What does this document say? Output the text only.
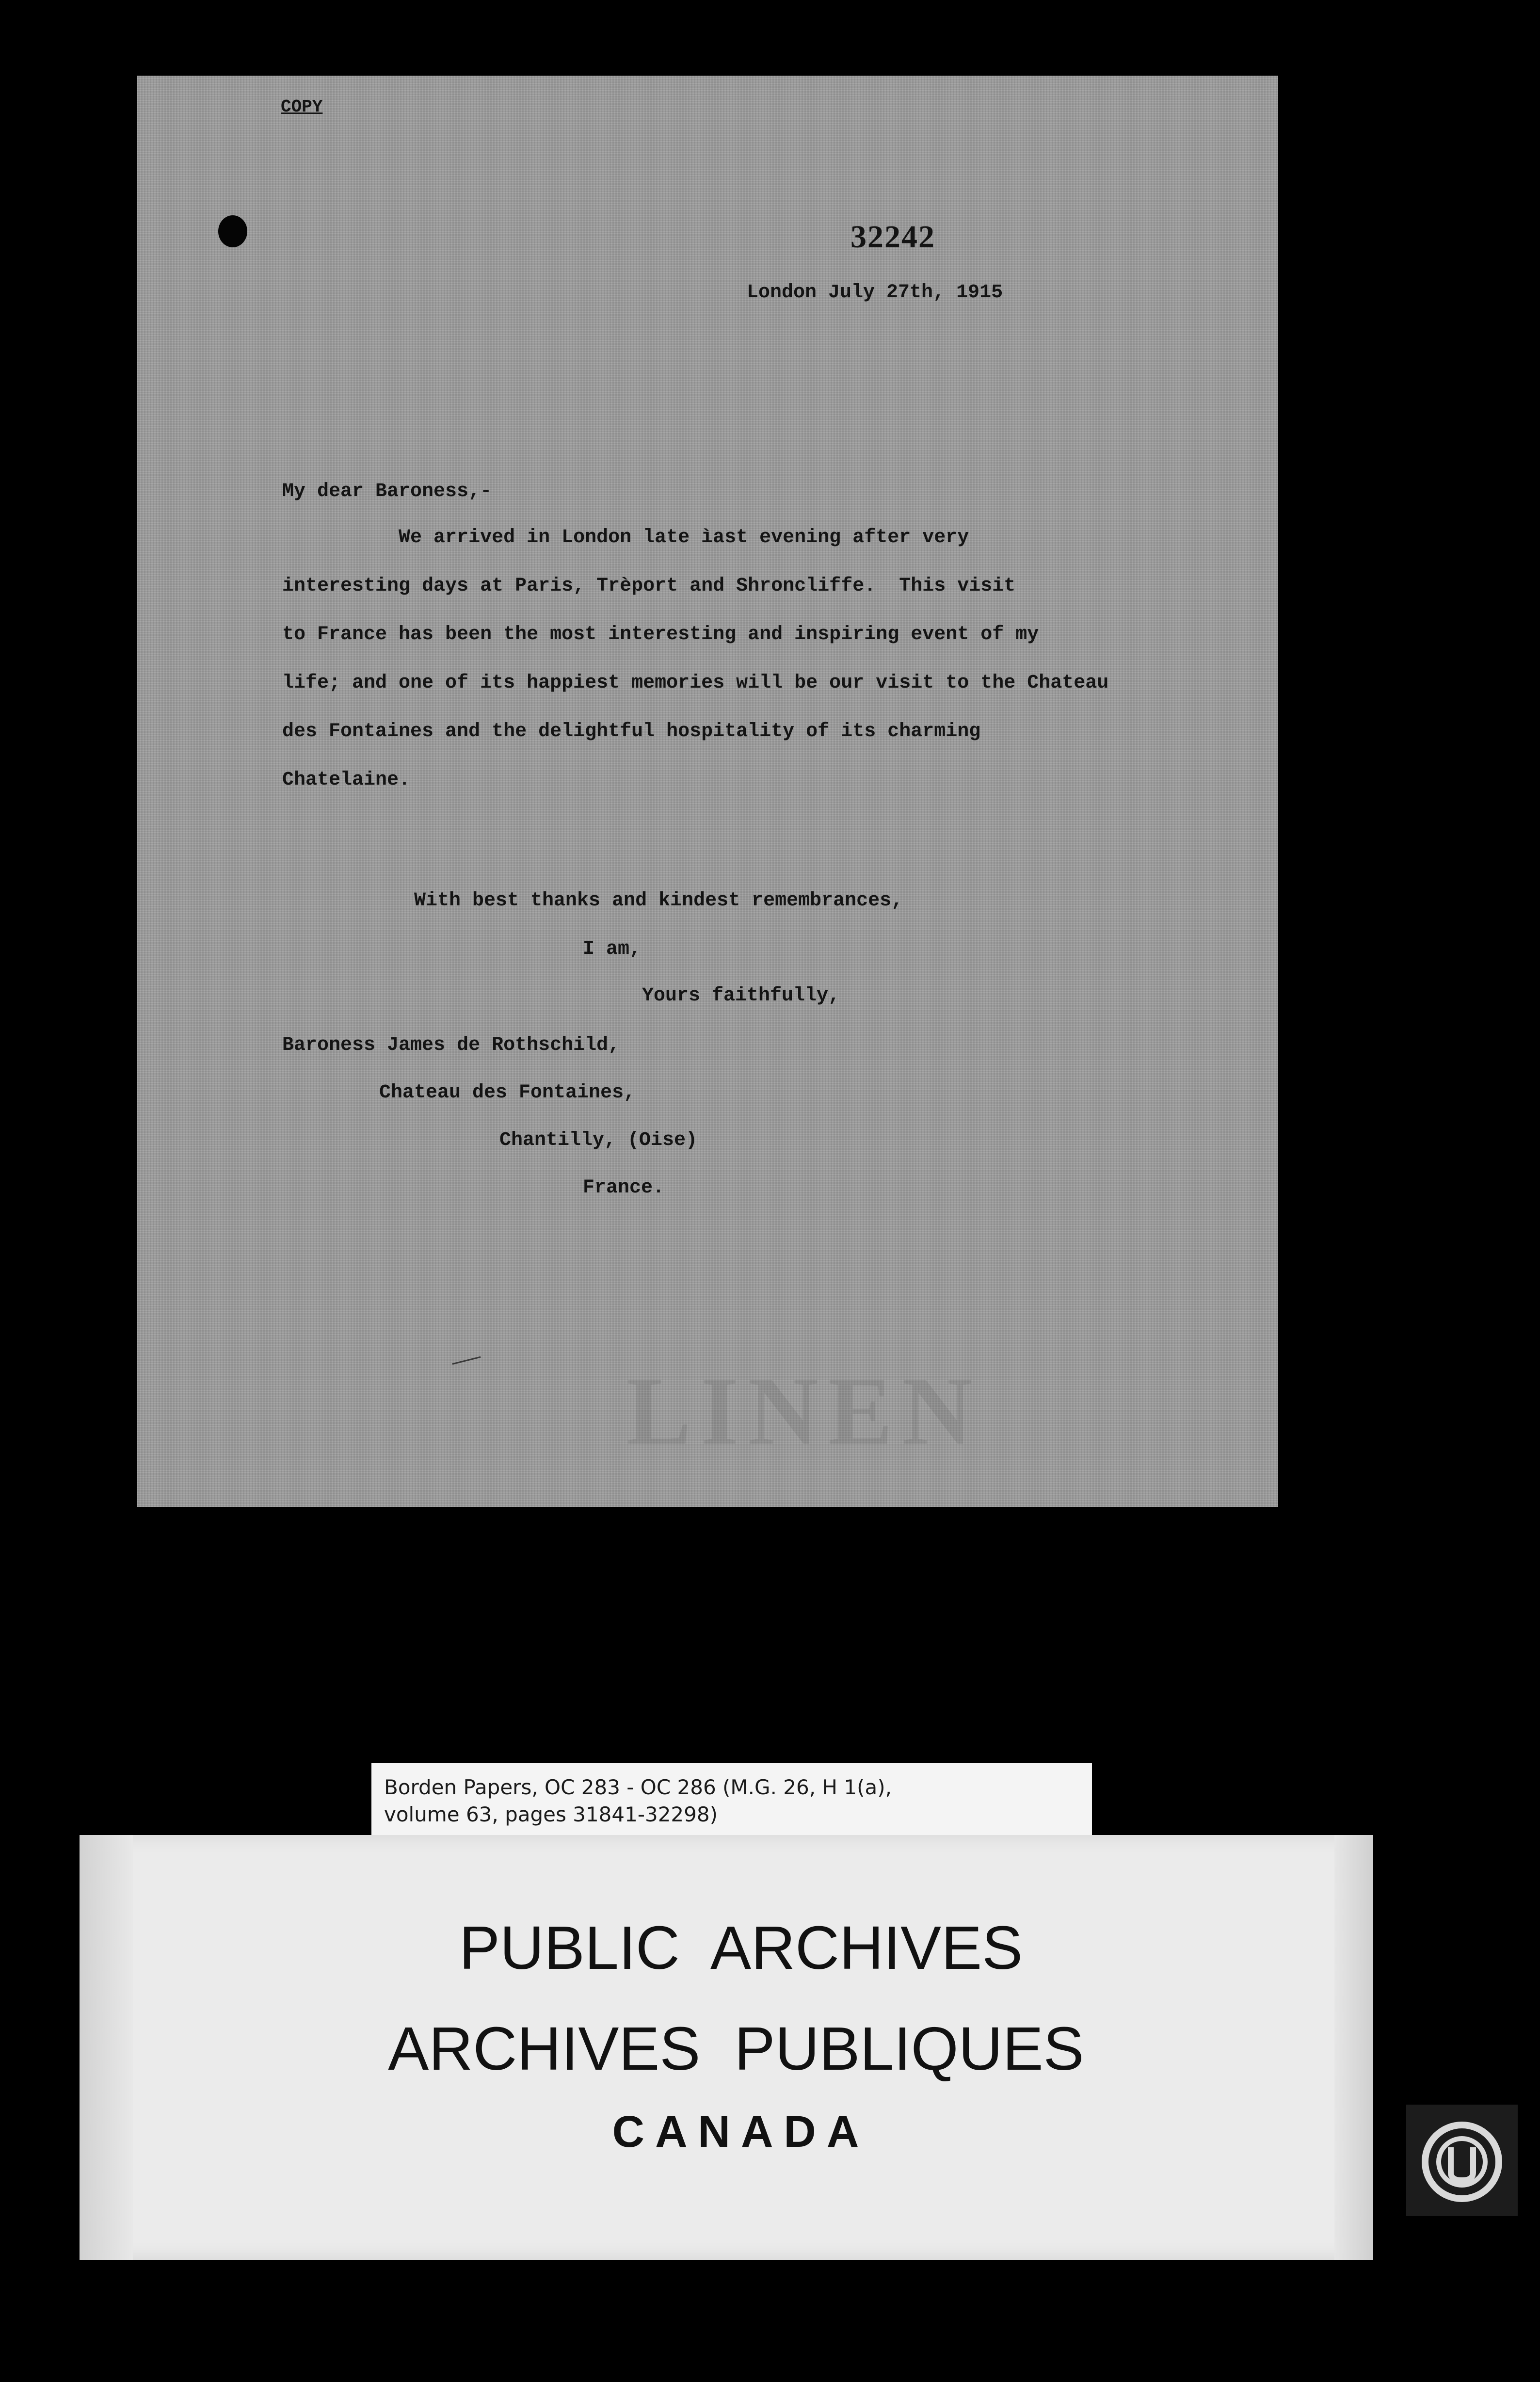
COPY
32242
London July 27th, 1915
My dear Baroness,-
We arrived in London late ìast evening after very
interesting days at Paris, Trèport and Shroncliffe.  This visit
to France has been the most interesting and inspiring event of my
life; and one of its happiest memories will be our visit to the Chateau
des Fontaines and the delightful hospitality of its charming
Chatelaine.
With best thanks and kindest remembrances,
I am,
Yours faithfully,
Baroness James de Rothschild,
Chateau des Fontaines,
Chantilly, (Oise)
France.
LINEN
Borden Papers, OC 283 - OC 286 (M.G. 26, H 1(a),
volume 63, pages 31841-32298)
PUBLIC  ARCHIVES
ARCHIVES  PUBLIQUES
CANADA
